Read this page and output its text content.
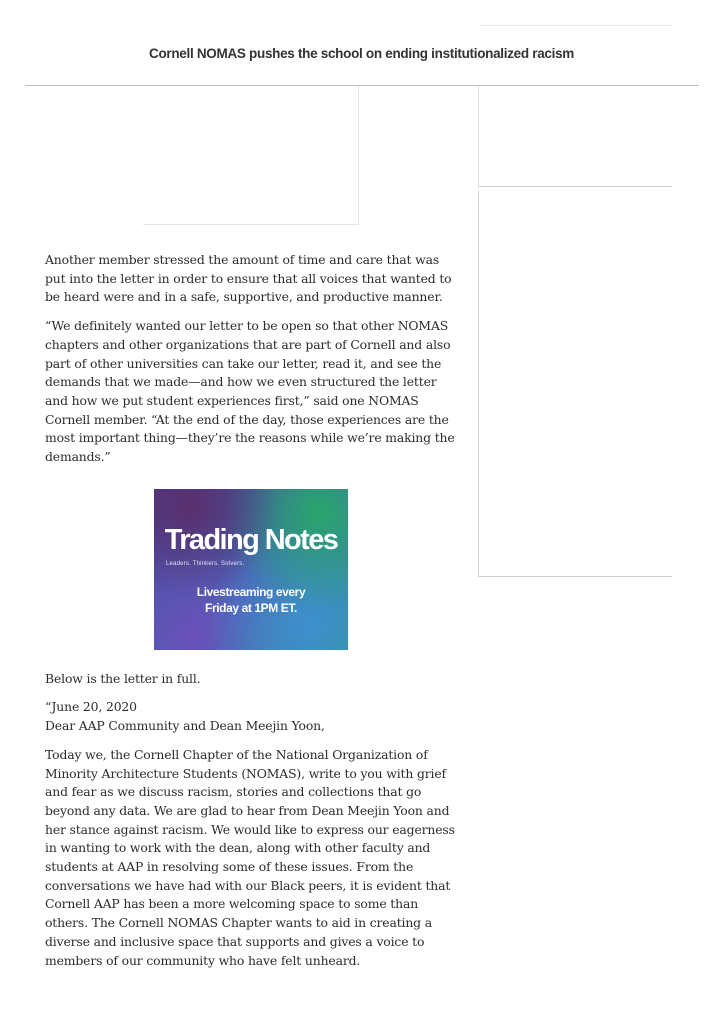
Cornell NOMAS pushes the school on ending institutionalized racism

Another member stressed the amount of time and care that was put into the letter in order to ensure that all voices that wanted to be heard were and in a safe, supportive, and productive manner.

“We definitely wanted our letter to be open so that other NOMAS chapters and other organizations that are part of Cornell and also part of other universities can take our letter, read it, and see the demands that we made—and how we even structured the letter and how we put student experiences first,” said one NOMAS Cornell member. “At the end of the day, those experiences are the most important thing—they’re the reasons while we’re making the demands.”

Trading Notes
Leaders. Thinkers. Solvers.
Livestreaming every
Friday at 1PM ET.

Below is the letter in full.

“June 20, 2020
Dear AAP Community and Dean Meejin Yoon,

Today we, the Cornell Chapter of the National Organization of Minority Architecture Students (NOMAS), write to you with grief and fear as we discuss racism, stories and collections that go beyond any data. We are glad to hear from Dean Meejin Yoon and her stance against racism. We would like to express our eagerness in wanting to work with the dean, along with other faculty and students at AAP in resolving some of these issues. From the conversations we have had with our Black peers, it is evident that Cornell AAP has been a more welcoming space to some than others. The Cornell NOMAS Chapter wants to aid in creating a diverse and inclusive space that supports and gives a voice to members of our community who have felt unheard.
